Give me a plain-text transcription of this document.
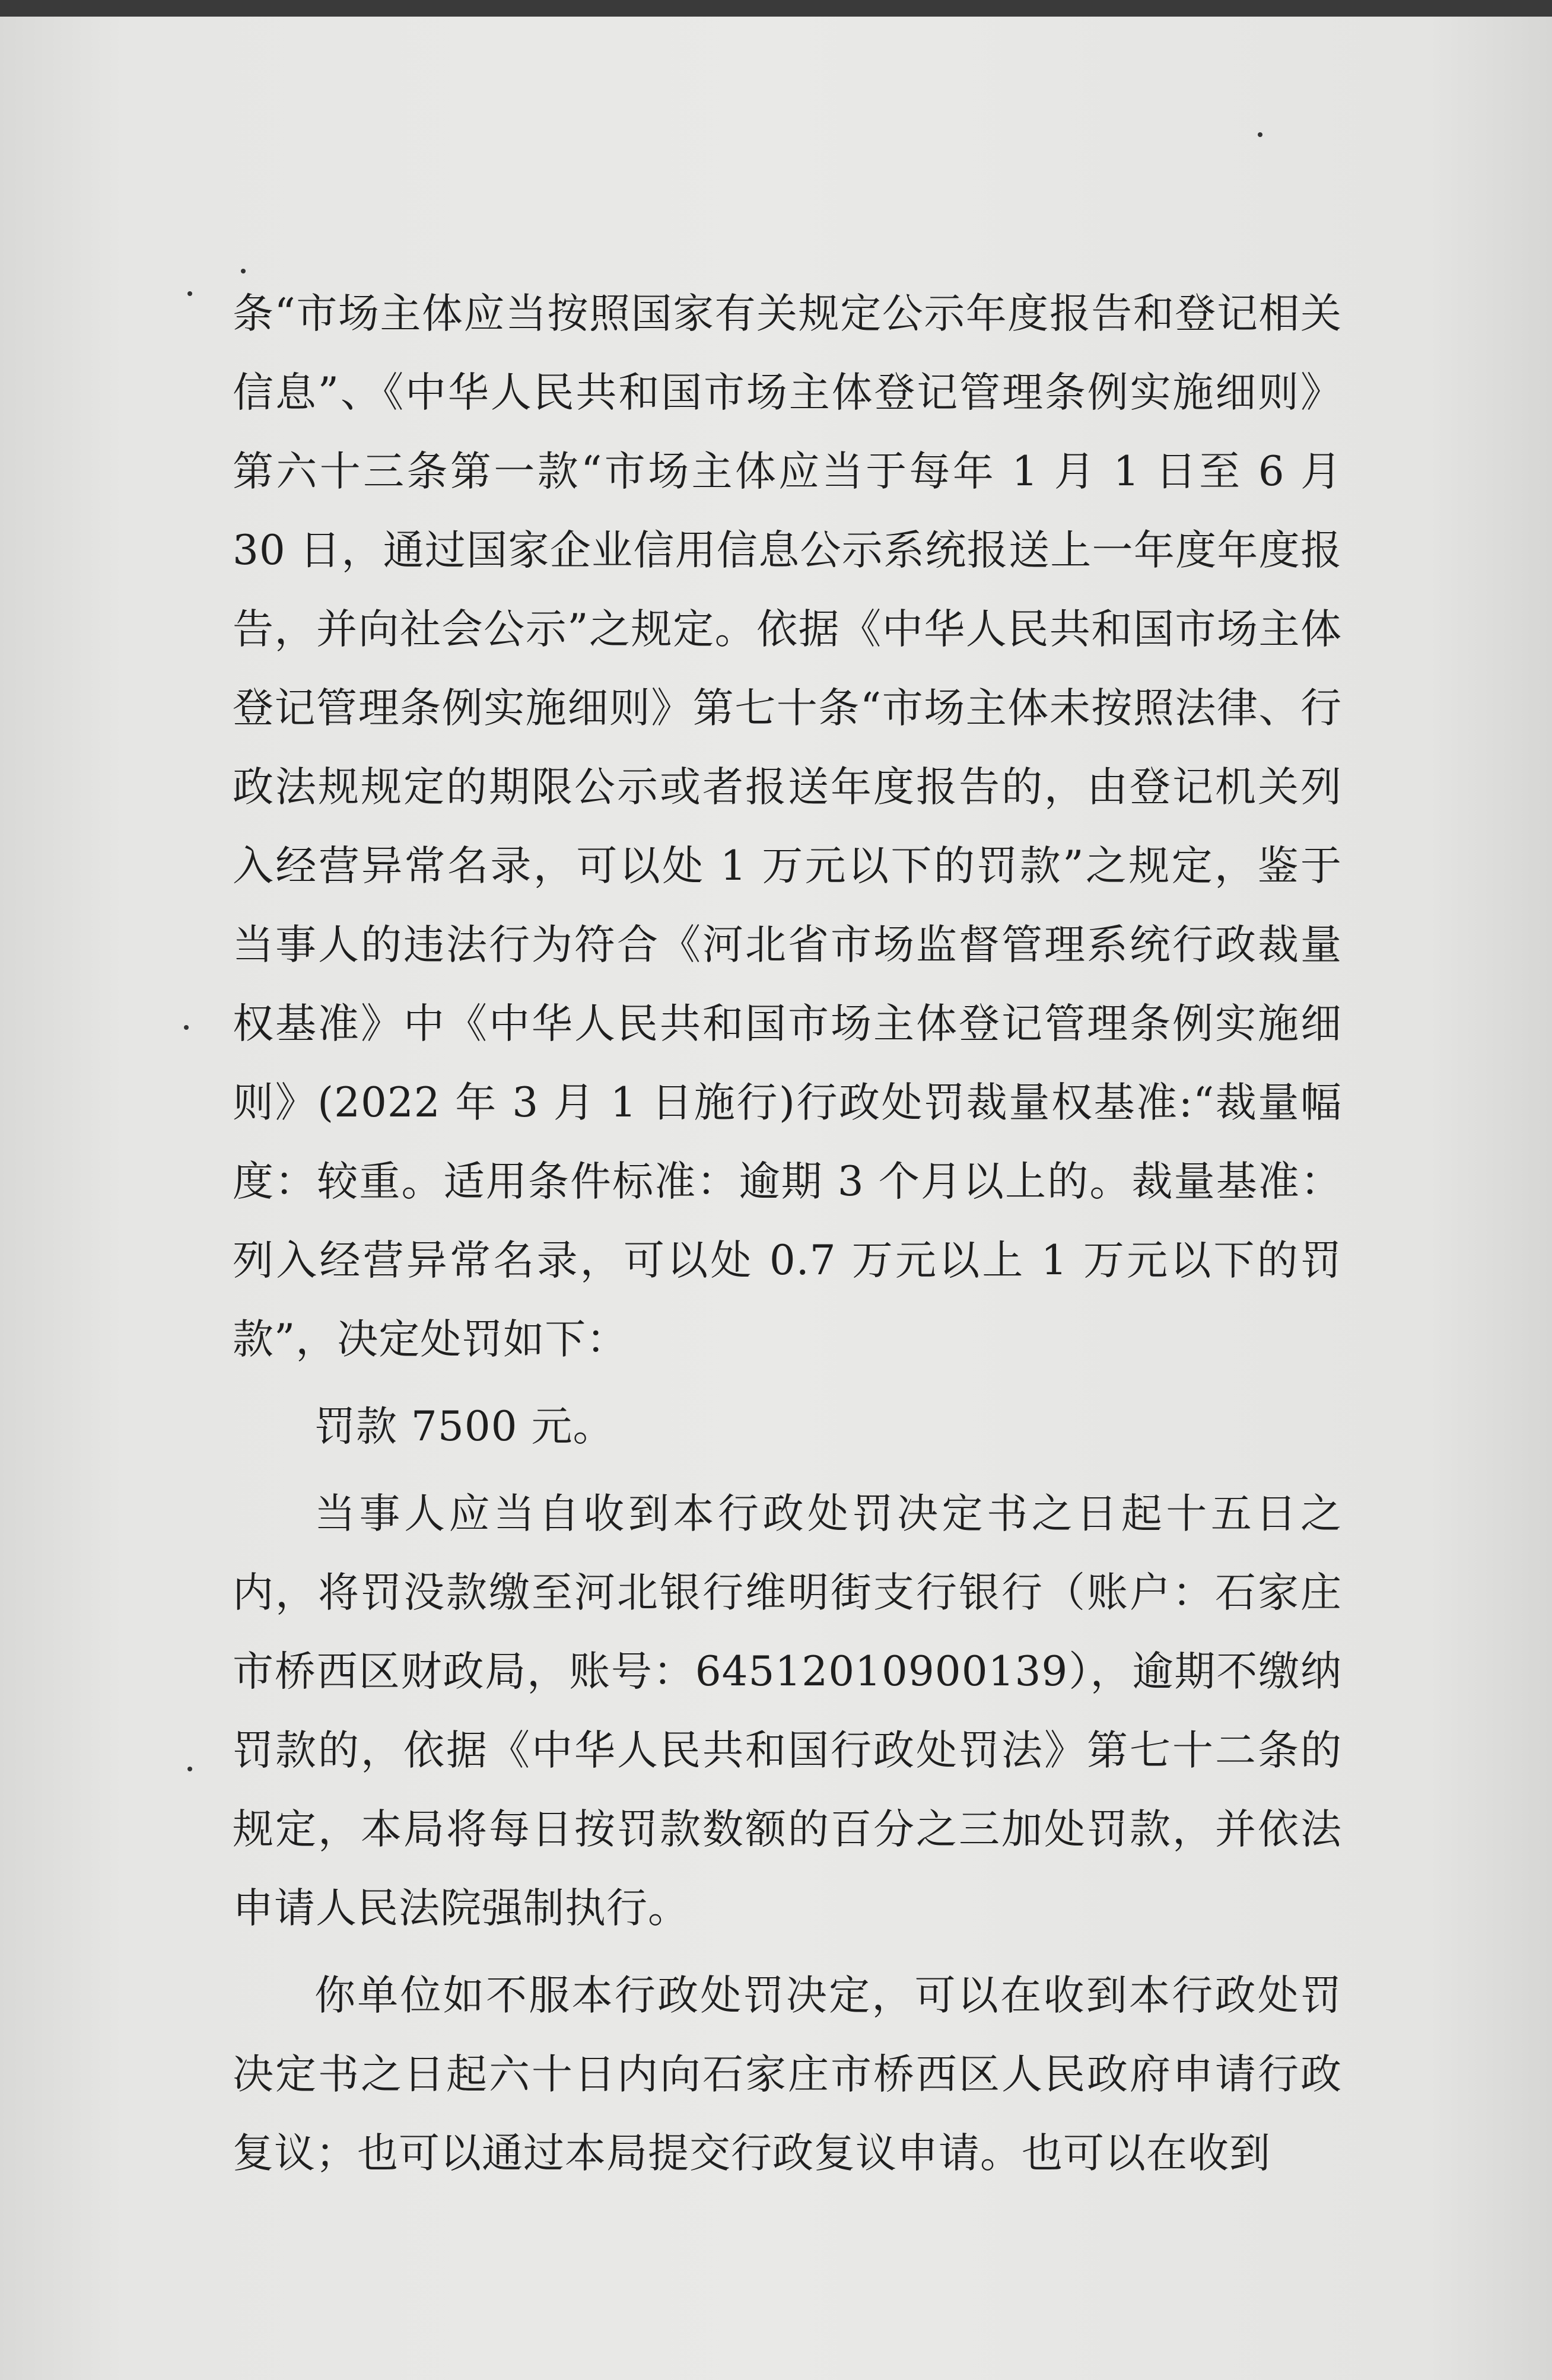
条“市场主体应当按照国家有关规定公示年度报告和登记相关信息”、《中华人民共和国市场主体登记管理条例实施细则》第六十三条第一款“市场主体应当于每年 1 月 1 日至 6 月 30 日，通过国家企业信用信息公示系统报送上一年度年度报告，并向社会公示”之规定。依据《中华人民共和国市场主体登记管理条例实施细则》第七十条“市场主体未按照法律、行政法规规定的期限公示或者报送年度报告的，由登记机关列入经营异常名录，可以处 1 万元以下的罚款”之规定，鉴于当事人的违法行为符合《河北省市场监督管理系统行政裁量权基准》中《中华人民共和国市场主体登记管理条例实施细则》(2022 年 3 月 1 日施行)行政处罚裁量权基准:“裁量幅度：较重。适用条件标准：逾期 3 个月以上的。裁量基准：列入经营异常名录，可以处 0.7 万元以上 1 万元以下的罚款”，决定处罚如下：

罚款 7500 元。

当事人应当自收到本行政处罚决定书之日起十五日之内，将罚没款缴至河北银行维明街支行银行（账户：石家庄市桥西区财政局，账号：64512010900139），逾期不缴纳罚款的，依据《中华人民共和国行政处罚法》第七十二条的规定，本局将每日按罚款数额的百分之三加处罚款，并依法申请人民法院强制执行。

你单位如不服本行政处罚决定，可以在收到本行政处罚决定书之日起六十日内向石家庄市桥西区人民政府申请行政复议；也可以通过本局提交行政复议申请。也可以在收到
